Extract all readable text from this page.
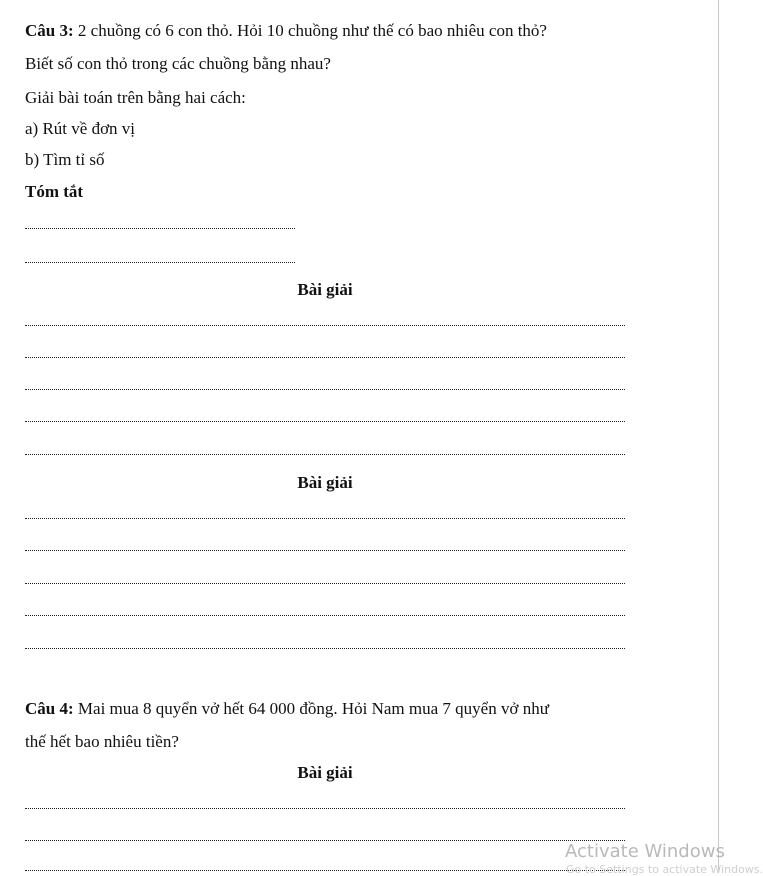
Câu 3: 2 chuồng có 6 con thỏ. Hỏi 10 chuồng như thế có bao nhiêu con thỏ?
Biết số con thỏ trong các chuồng bằng nhau?
Giải bài toán trên bằng hai cách:
a) Rút về đơn vị
b) Tìm tỉ số
Tóm tắt
Bài giải
Bài giải
Câu 4: Mai mua 8 quyển vở hết 64 000 đồng. Hỏi Nam mua 7 quyển vở như
thế hết bao nhiêu tiền?
Bài giải
Activate Windows
Go to Settings to activate Windows.
